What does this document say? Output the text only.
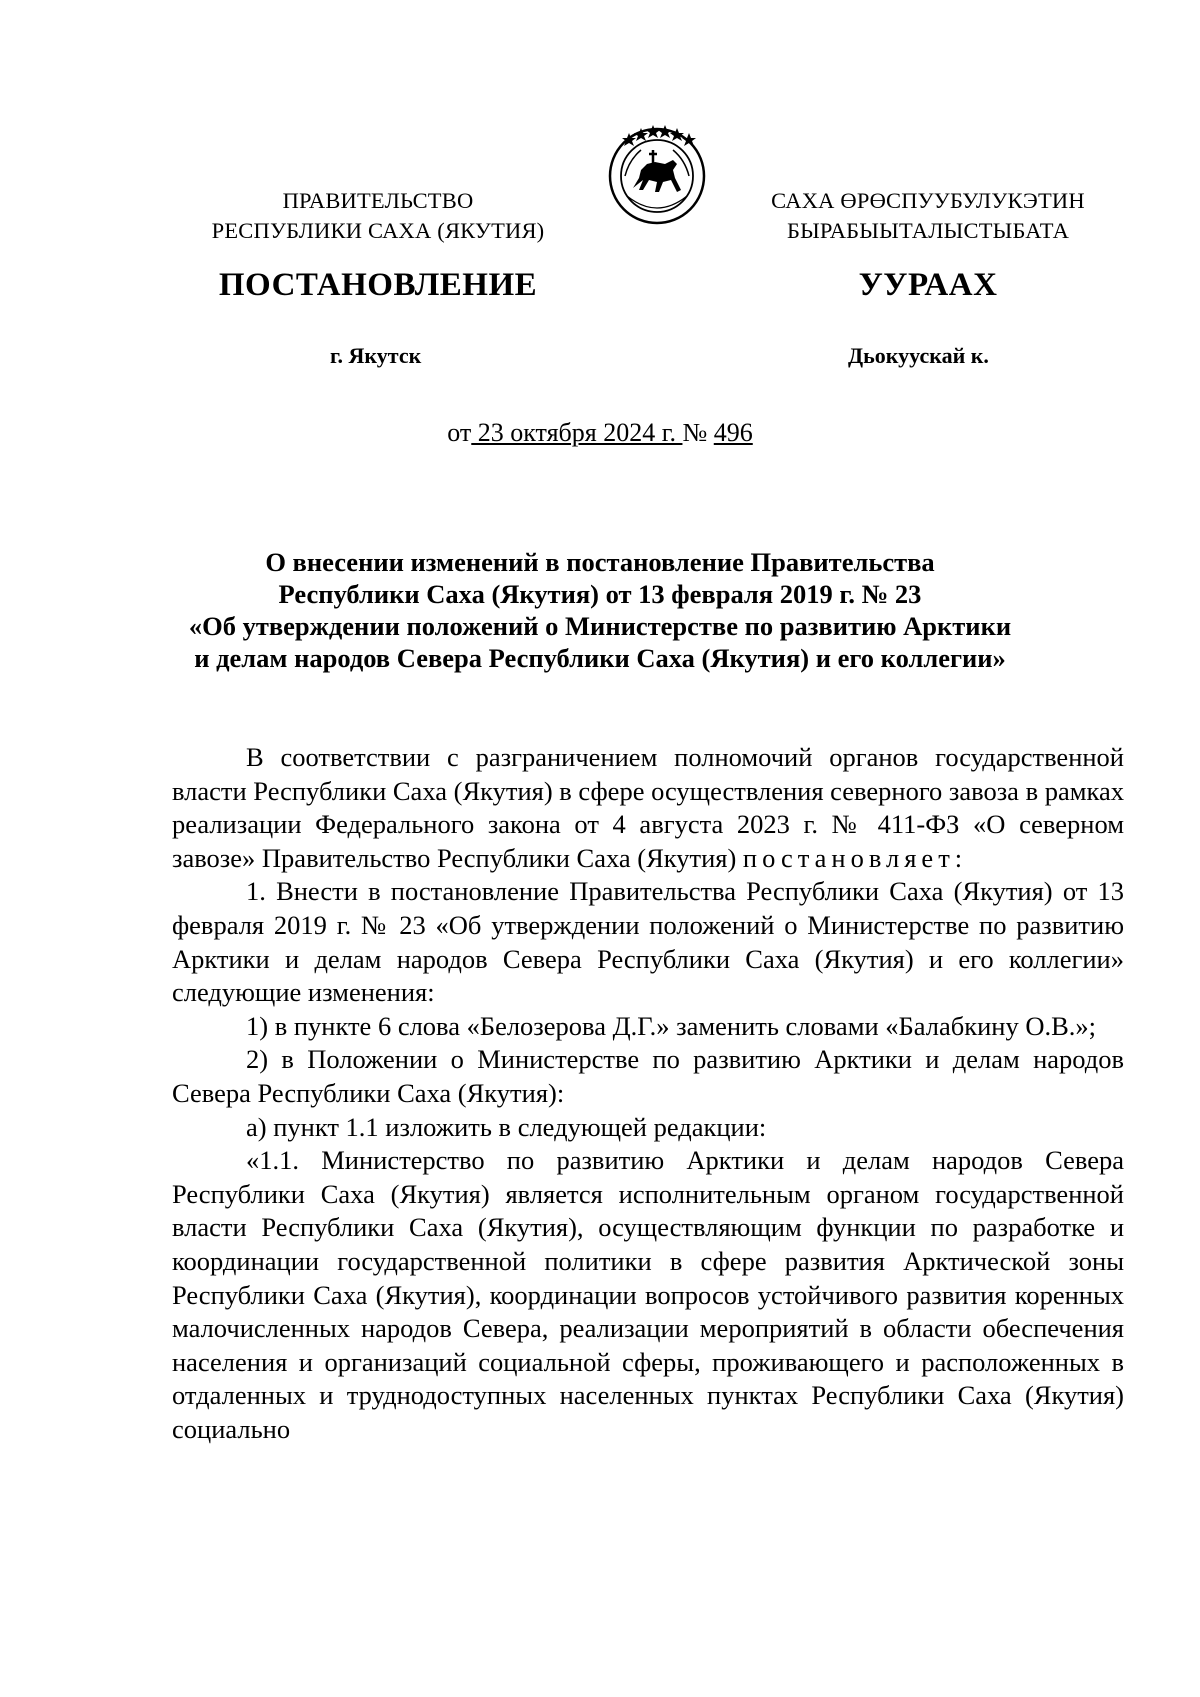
ПРАВИТЕЛЬСТВО
РЕСПУБЛИКИ САХА (ЯКУТИЯ)
САХА ӨРӨСПУУБУЛУКЭТИН
БЫРАБЫЫТАЛЫСТЫБАТА
ПОСТАНОВЛЕНИЕ	УУРААХ
г. Якутск	Дьокуускай к.
от 23 октября 2024 г. № 496
О внесении изменений в постановление Правительства
Республики Саха (Якутия) от 13 февраля 2019 г. № 23
«Об утверждении положений о Министерстве по развитию Арктики
и делам народов Севера Республики Саха (Якутия) и его коллегии»

В соответствии с разграничением полномочий органов государственной власти Республики Саха (Якутия) в сфере осуществления северного завоза в рамках реализации Федерального закона от 4 августа 2023 г. № 411-ФЗ «О северном завозе» Правительство Республики Саха (Якутия) постановляет:

1. Внести в постановление Правительства Республики Саха (Якутия) от 13 февраля 2019 г. № 23 «Об утверждении положений о Министерстве по развитию Арктики и делам народов Севера Республики Саха (Якутия) и его коллегии» следующие изменения:

1) в пункте 6 слова «Белозерова Д.Г.» заменить словами «Балабкину О.В.»;

2) в Положении о Министерстве по развитию Арктики и делам народов Севера Республики Саха (Якутия):

а) пункт 1.1 изложить в следующей редакции:

«1.1. Министерство по развитию Арктики и делам народов Севера Республики Саха (Якутия) является исполнительным органом государственной власти Республики Саха (Якутия), осуществляющим функции по разработке и координации государственной политики в сфере развития Арктической зоны Республики Саха (Якутия), координации вопросов устойчивого развития коренных малочисленных народов Севера, реализации мероприятий в области обеспечения населения и организаций социальной сферы, проживающего и расположенных в отдаленных и труднодоступных населенных пунктах Республики Саха (Якутия) социально
